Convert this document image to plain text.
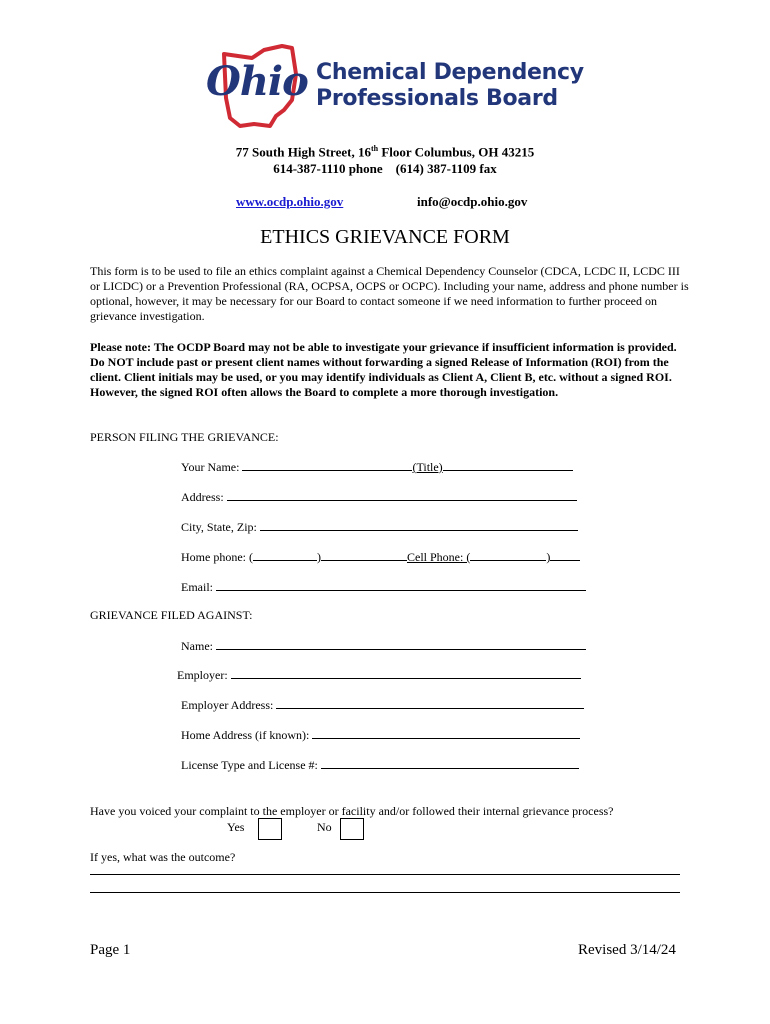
Ohio Chemical Dependency
Professionals Board
77 South High Street, 16th Floor Columbus, OH 43215
614-387-1110 phone (614) 387-1109 fax
www.ocdp.ohio.gov	info@ocdp.ohio.gov
ETHICS GRIEVANCE FORM
This form is to be used to file an ethics complaint against a Chemical Dependency Counselor (CDCA, LCDC II, LCDC III or LICDC) or a Prevention Professional (RA, OCPSA, OCPS or OCPC). Including your name, address and phone number is optional, however, it may be necessary for our Board to contact someone if we need information to further proceed on grievance investigation.
Please note: The OCDP Board may not be able to investigate your grievance if insufficient information is provided. Do NOT include past or present client names without forwarding a signed Release of Information (ROI) from the client. Client initials may be used, or you may identify individuals as Client A, Client B, etc. without a signed ROI. However, the signed ROI often allows the Board to complete a more thorough investigation.
PERSON FILING THE GRIEVANCE:
Your Name:	(Title)
Address:
City, State, Zip:
Home phone: (	)	Cell Phone: (	)
Email:
GRIEVANCE FILED AGAINST:
Name:
Employer:
Employer Address:
Home Address (if known):
License Type and License #:
Have you voiced your complaint to the employer or facility and/or followed their internal grievance process?
Yes	No
If yes, what was the outcome?
Page 1	Revised 3/14/24
